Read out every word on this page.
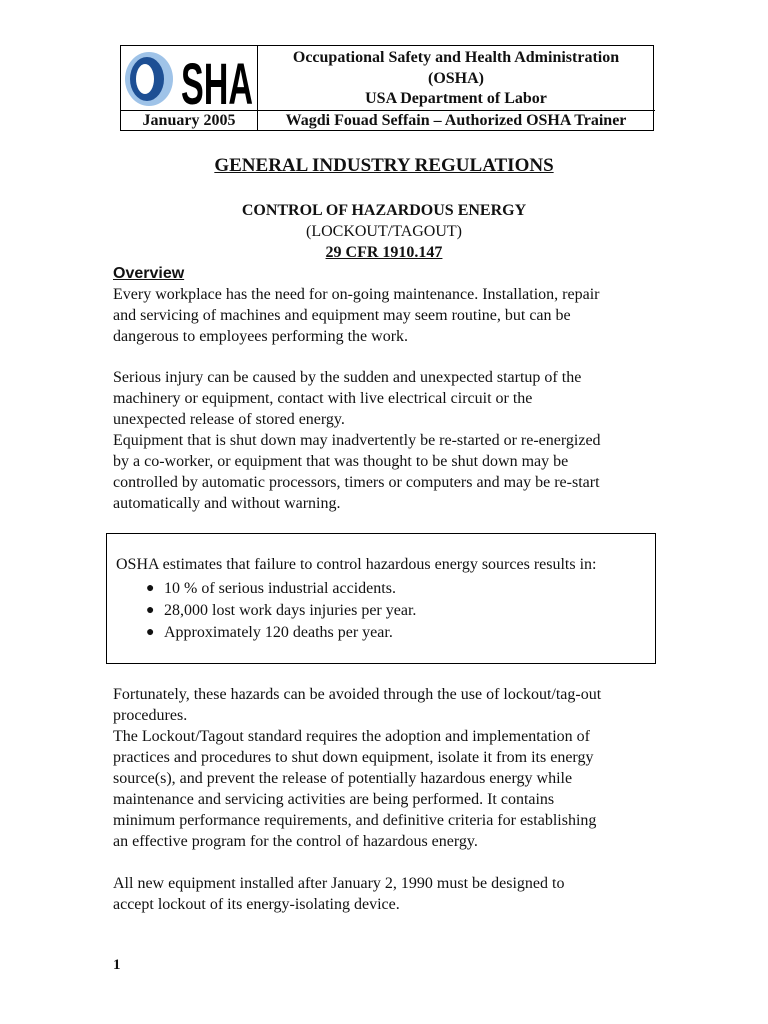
SHA	Occupational Safety and Health Administration
(OSHA)
USA Department of Labor
January 2005	Wagdi Fouad Seffain – Authorized OSHA Trainer
GENERAL INDUSTRY REGULATIONS
CONTROL OF HAZARDOUS ENERGY
(LOCKOUT/TAGOUT)
29 CFR 1910.147
Overview
Every workplace has the need for on-going maintenance. Installation, repair
and servicing of machines and equipment may seem routine, but can be
dangerous to employees performing the work.
Serious injury can be caused by the sudden and unexpected startup of the
machinery or equipment, contact with live electrical circuit or the
unexpected release of stored energy.
Equipment that is shut down may inadvertently be re-started or re-energized
by a co-worker, or equipment that was thought to be shut down may be
controlled by automatic processors, timers or computers and may be re-start
automatically and without warning.
OSHA estimates that failure to control hazardous energy sources results in:
● 10 % of serious industrial accidents.
● 28,000 lost work days injuries per year.
● Approximately 120 deaths per year.
Fortunately, these hazards can be avoided through the use of lockout/tag-out
procedures.
The Lockout/Tagout standard requires the adoption and implementation of
practices and procedures to shut down equipment, isolate it from its energy
source(s), and prevent the release of potentially hazardous energy while
maintenance and servicing activities are being performed. It contains
minimum performance requirements, and definitive criteria for establishing
an effective program for the control of hazardous energy.
All new equipment installed after January 2, 1990 must be designed to
accept lockout of its energy-isolating device.
1
